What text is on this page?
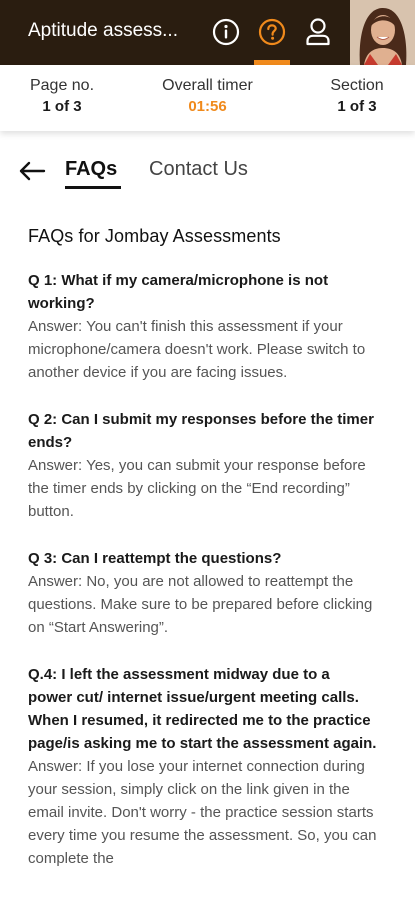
Aptitude assess...
Page no.
1 of 3
Overall timer
01:56
Section
1 of 3
FAQs Contact Us
FAQs for Jombay Assessments
Q 1: What if my camera/microphone is not working?
Answer: You can't finish this assessment if your microphone/camera doesn't work. Please switch to another device if you are facing issues.
Q 2: Can I submit my responses before the timer ends?
Answer: Yes, you can submit your response before the timer ends by clicking on the “End recording” button.
Q 3: Can I reattempt the questions?
Answer: No, you are not allowed to reattempt the questions. Make sure to be prepared before clicking on “Start Answering”.
Q.4: I left the assessment midway due to a power cut/ internet issue/urgent meeting calls. When I resumed, it redirected me to the practice page/is asking me to start the assessment again.
Answer: If you lose your internet connection during your session, simply click on the link given in the email invite. Don't worry - the practice session starts every time you resume the assessment. So, you can complete the
